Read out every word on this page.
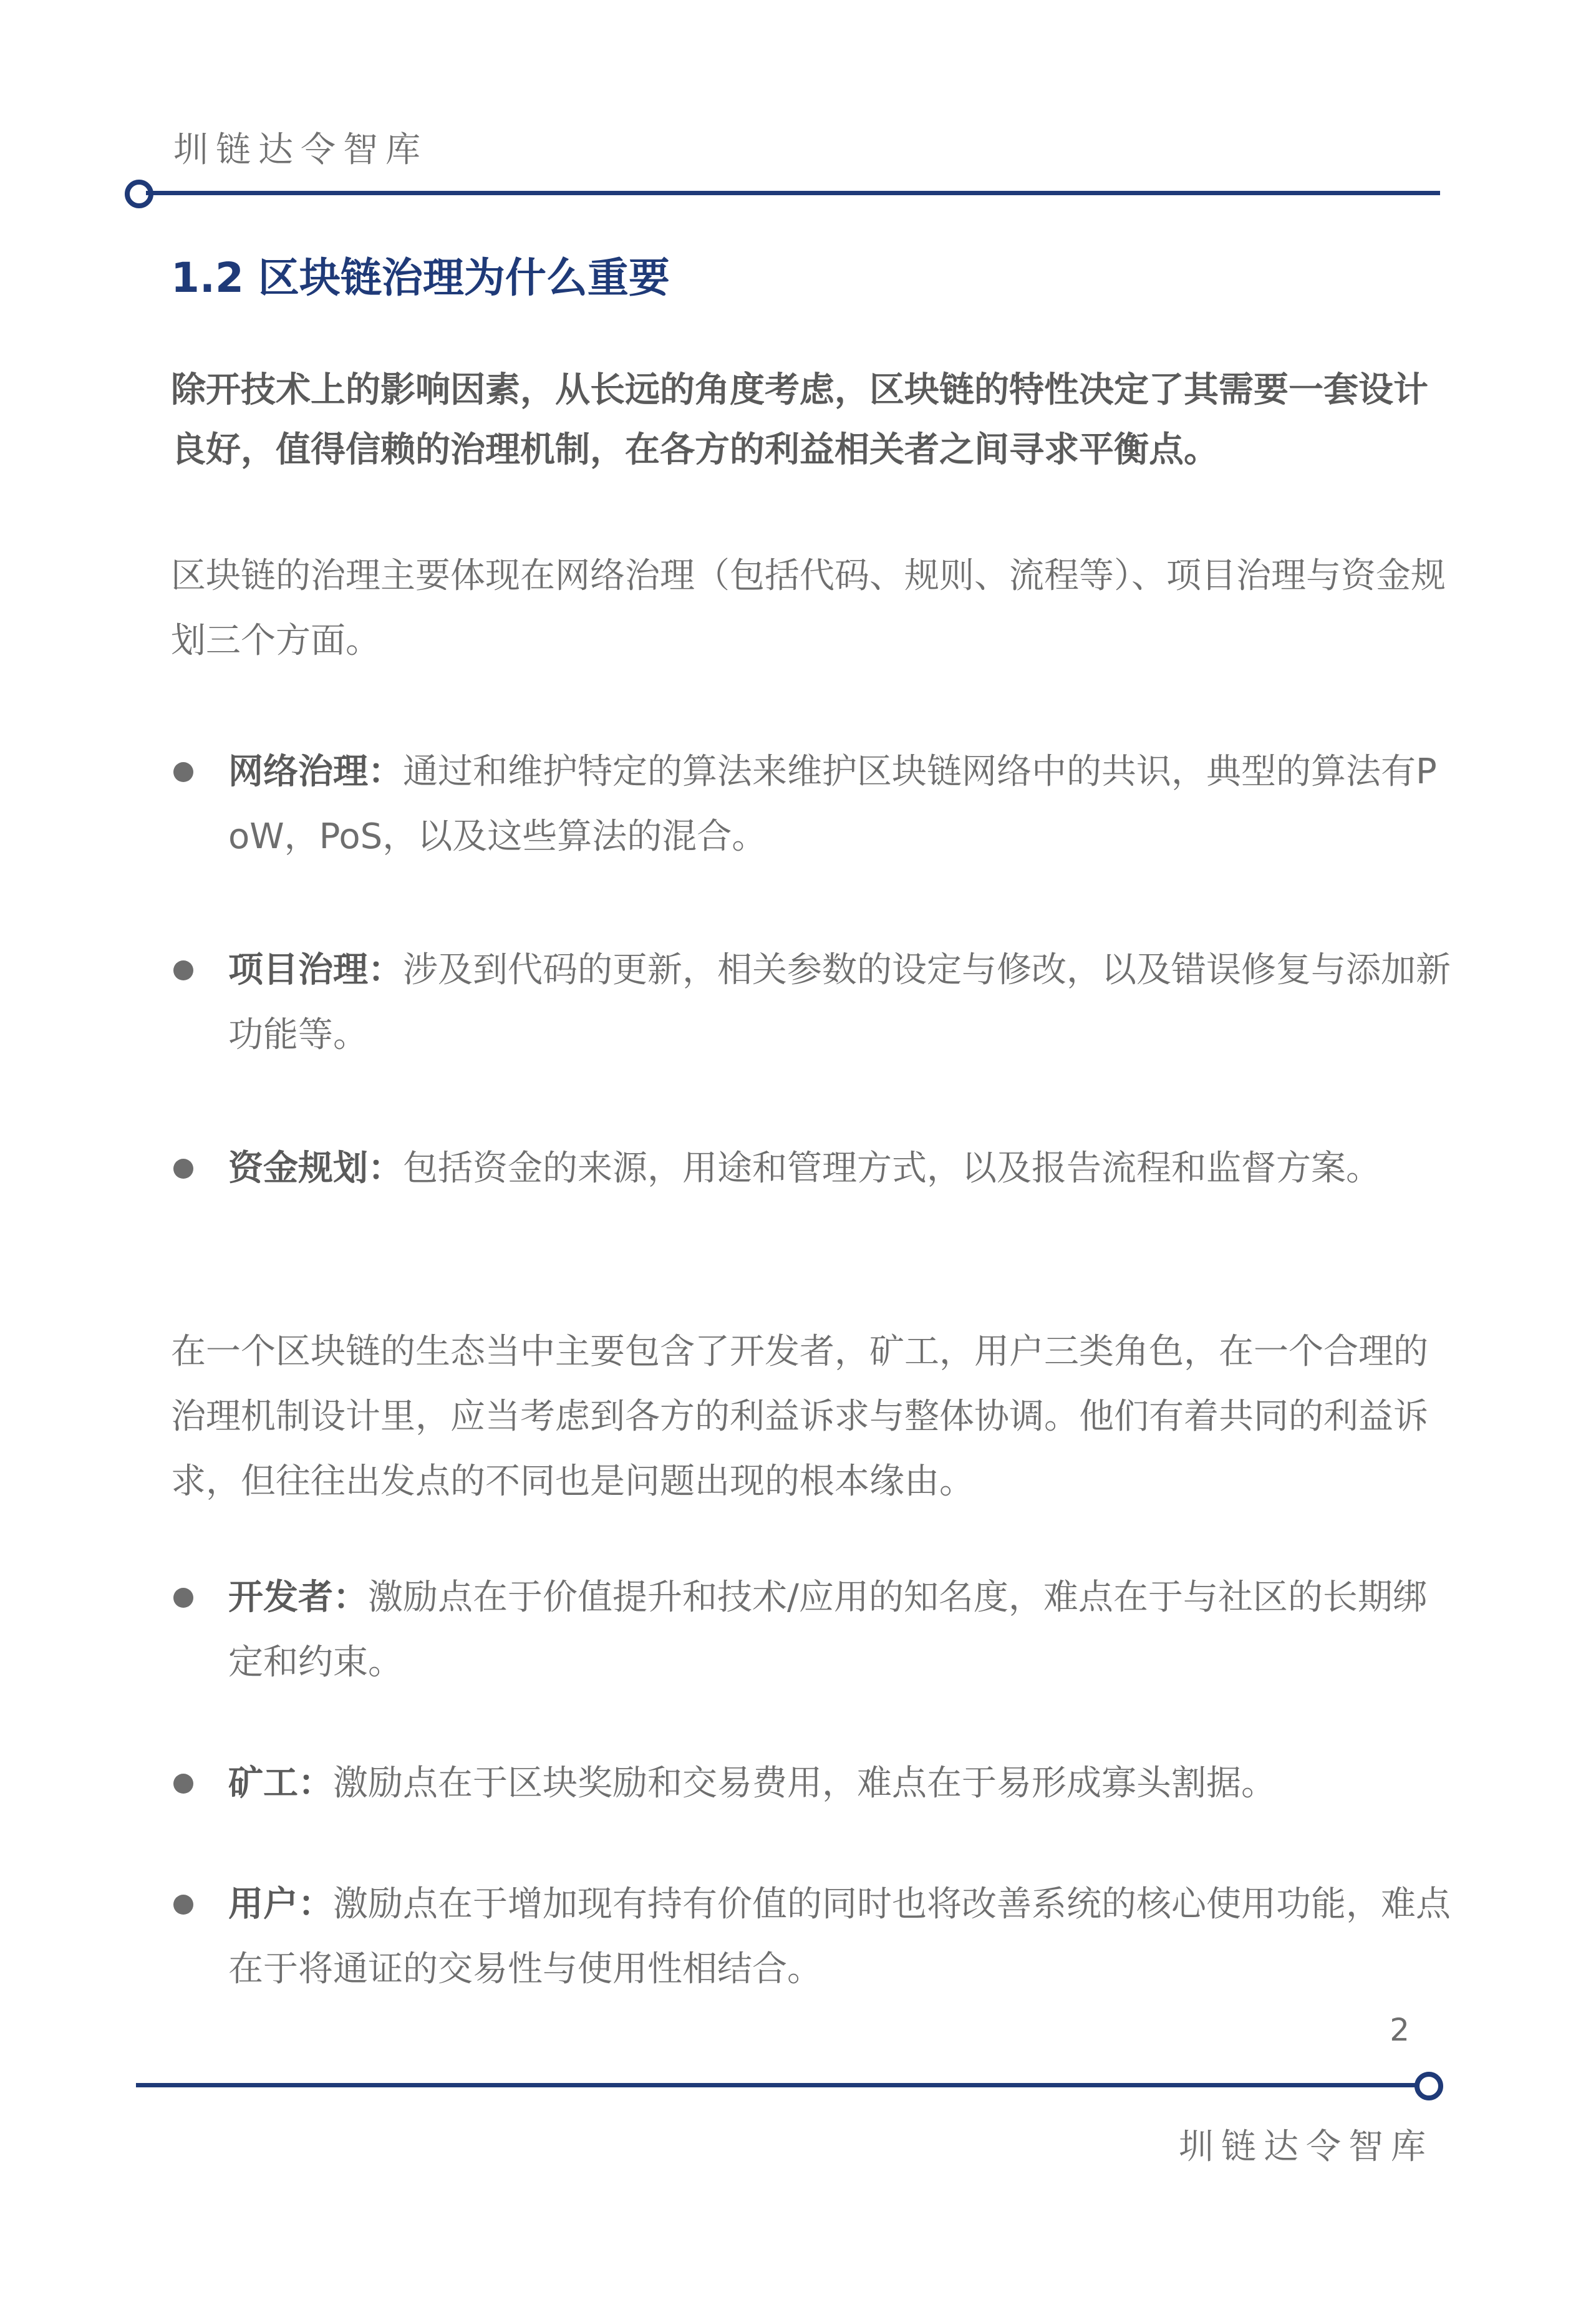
圳链达令智库
1.2 区块链治理为什么重要

除开技术上的影响因素，从长远的角度考虑，区块链的特性决定了其需要一套设计良好，值得信赖的治理机制，在各方的利益相关者之间寻求平衡点。

区块链的治理主要体现在网络治理（包括代码、规则、流程等）、项目治理与资金规划三个方面。

网络治理：通过和维护特定的算法来维护区块链网络中的共识，典型的算法有PoW，PoS，以及这些算法的混合。

项目治理：涉及到代码的更新，相关参数的设定与修改，以及错误修复与添加新功能等。

资金规划：包括资金的来源，用途和管理方式，以及报告流程和监督方案。

在一个区块链的生态当中主要包含了开发者，矿工，用户三类角色，在一个合理的治理机制设计里，应当考虑到各方的利益诉求与整体协调。他们有着共同的利益诉求，但往往出发点的不同也是问题出现的根本缘由。

开发者：激励点在于价值提升和技术/应用的知名度，难点在于与社区的长期绑定和约束。

矿工：激励点在于区块奖励和交易费用，难点在于易形成寡头割据。

用户：激励点在于增加现有持有价值的同时也将改善系统的核心使用功能，难点在于将通证的交易性与使用性相结合。

2
圳链达令智库
